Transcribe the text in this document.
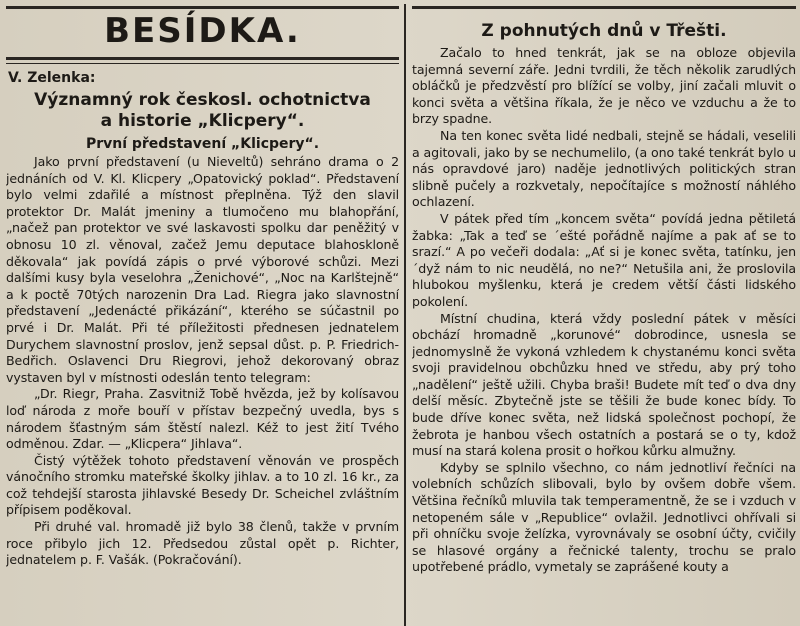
BESÍDKA.
V. Zelenka:
Významný rok českosl. ochotnictva
a historie „Klicpery“.
První představení „Klicpery“.

Jako první představení (u Nieveltů) sehráno drama o 2 jednáních od V. Kl. Klicpery „Opatovický poklad“. Představení bylo velmi zdařilé a místnost přeplněna. Týž den slavil protektor Dr. Malát jmeniny a tlumočeno mu blahopřání, „načež pan protektor ve své laskavosti spolku dar peněžitý v obnosu 10 zl. věnoval, začež Jemu deputace blahoskloně děkovala“ jak povídá zápis o prvé výborové schůzi. Mezi dalšími kusy byla veselohra „Ženichové“, „Noc na Karlštejně“ a k poctě 70tých narozenin Dra Lad. Riegra jako slavnostní představení „Jedenácté přikázání“, kterého se súčastnil po prvé i Dr. Malát. Při té příležitosti přednesen jednatelem Durychem slavnostní proslov, jenž sepsal důst. p. P. Friedrich-Bedřich. Oslavenci Dru Riegrovi, jehož dekorovaný obraz vystaven byl v místnosti odeslán tento telegram:

„Dr. Riegr, Praha. Zasvitniž Tobě hvězda, jež by kolísavou loď národa z moře bouří v přístav bezpečný uvedla, bys s národem šťastným sám štěstí nalezl. Kéž to jest žití Tvého odměnou. Zdar. — „Klicpera“ Jihlava“.

Čistý výtěžek tohoto představení věnován ve prospěch vánočního stromku mateřské školky jihlav. a to 10 zl. 16 kr., za což tehdejší starosta jihlavské Besedy Dr. Scheichel zvláštním přípisem poděkoval.

Při druhé val. hromadě již bylo 38 členů, takže v prvním roce přibylo jich 12. Předsedou zůstal opět p. Richter, jednatelem p. F. Vašák. (Pokračování).

Z pohnutých dnů v Třešti.

Začalo to hned tenkrát, jak se na obloze objevila tajemná severní záře. Jedni tvrdili, že těch několik zarudlých obláčků je předzvěstí pro blížící se volby, jiní začali mluvit o konci světa a většina říkala, že je něco ve vzduchu a že to brzy spadne.

Na ten konec světa lidé nedbali, stejně se hádali, veselili a agitovali, jako by se nechumelilo, (a ono také tenkrát bylo u nás opravdové jaro) naděje jednotlivých politických stran slibně pučely a rozkvetaly, nepočítajíce s možností náhlého ochlazení.

V pátek před tím „koncem světa“ povídá jedna pětiletá žabka: „Tak a teď se ´ešté pořádně najíme a pak ať se to srazí.“ A po večeři dodala: „Ať si je konec světa, tatínku, jen ´dyž nám to nic neudělá, no ne?“ Netušila ani, že proslovila hlubokou myšlenku, která je credem větší části lidského pokolení.

Místní chudina, která vždy poslední pátek v měsíci obchází hromadně „korunové“ dobrodince, usnesla se jednomyslně že vykoná vzhledem k chystanému konci světa svoji pravidelnou obchůzku hned ve středu, aby prý toho „nadělení“ ještě užili. Chyba braši! Budete mít teď o dva dny delší měsíc. Zbytečně jste se těšili že bude konec bídy. To bude dříve konec světa, než lidská společnost pochopí, že žebrota je hanbou všech ostatních a postará se o ty, kdož musí na stará kolena prosit o hořkou kůrku almužny.

Kdyby se splnilo všechno, co nám jednotliví řečníci na volebních schůzích slibovali, bylo by ovšem dobře všem. Většina řečníků mluvila tak temperamentně, že se i vzduch v netopeném sále v „Republice“ ovlažil. Jednotlivci ohřívali si při ohníčku svoje želízka, vyrovnávaly se osobní účty, cvičily se hlasové orgány a řečnické talenty, trochu se pralo upotřebené prádlo, vymetaly se zaprášené kouty a
